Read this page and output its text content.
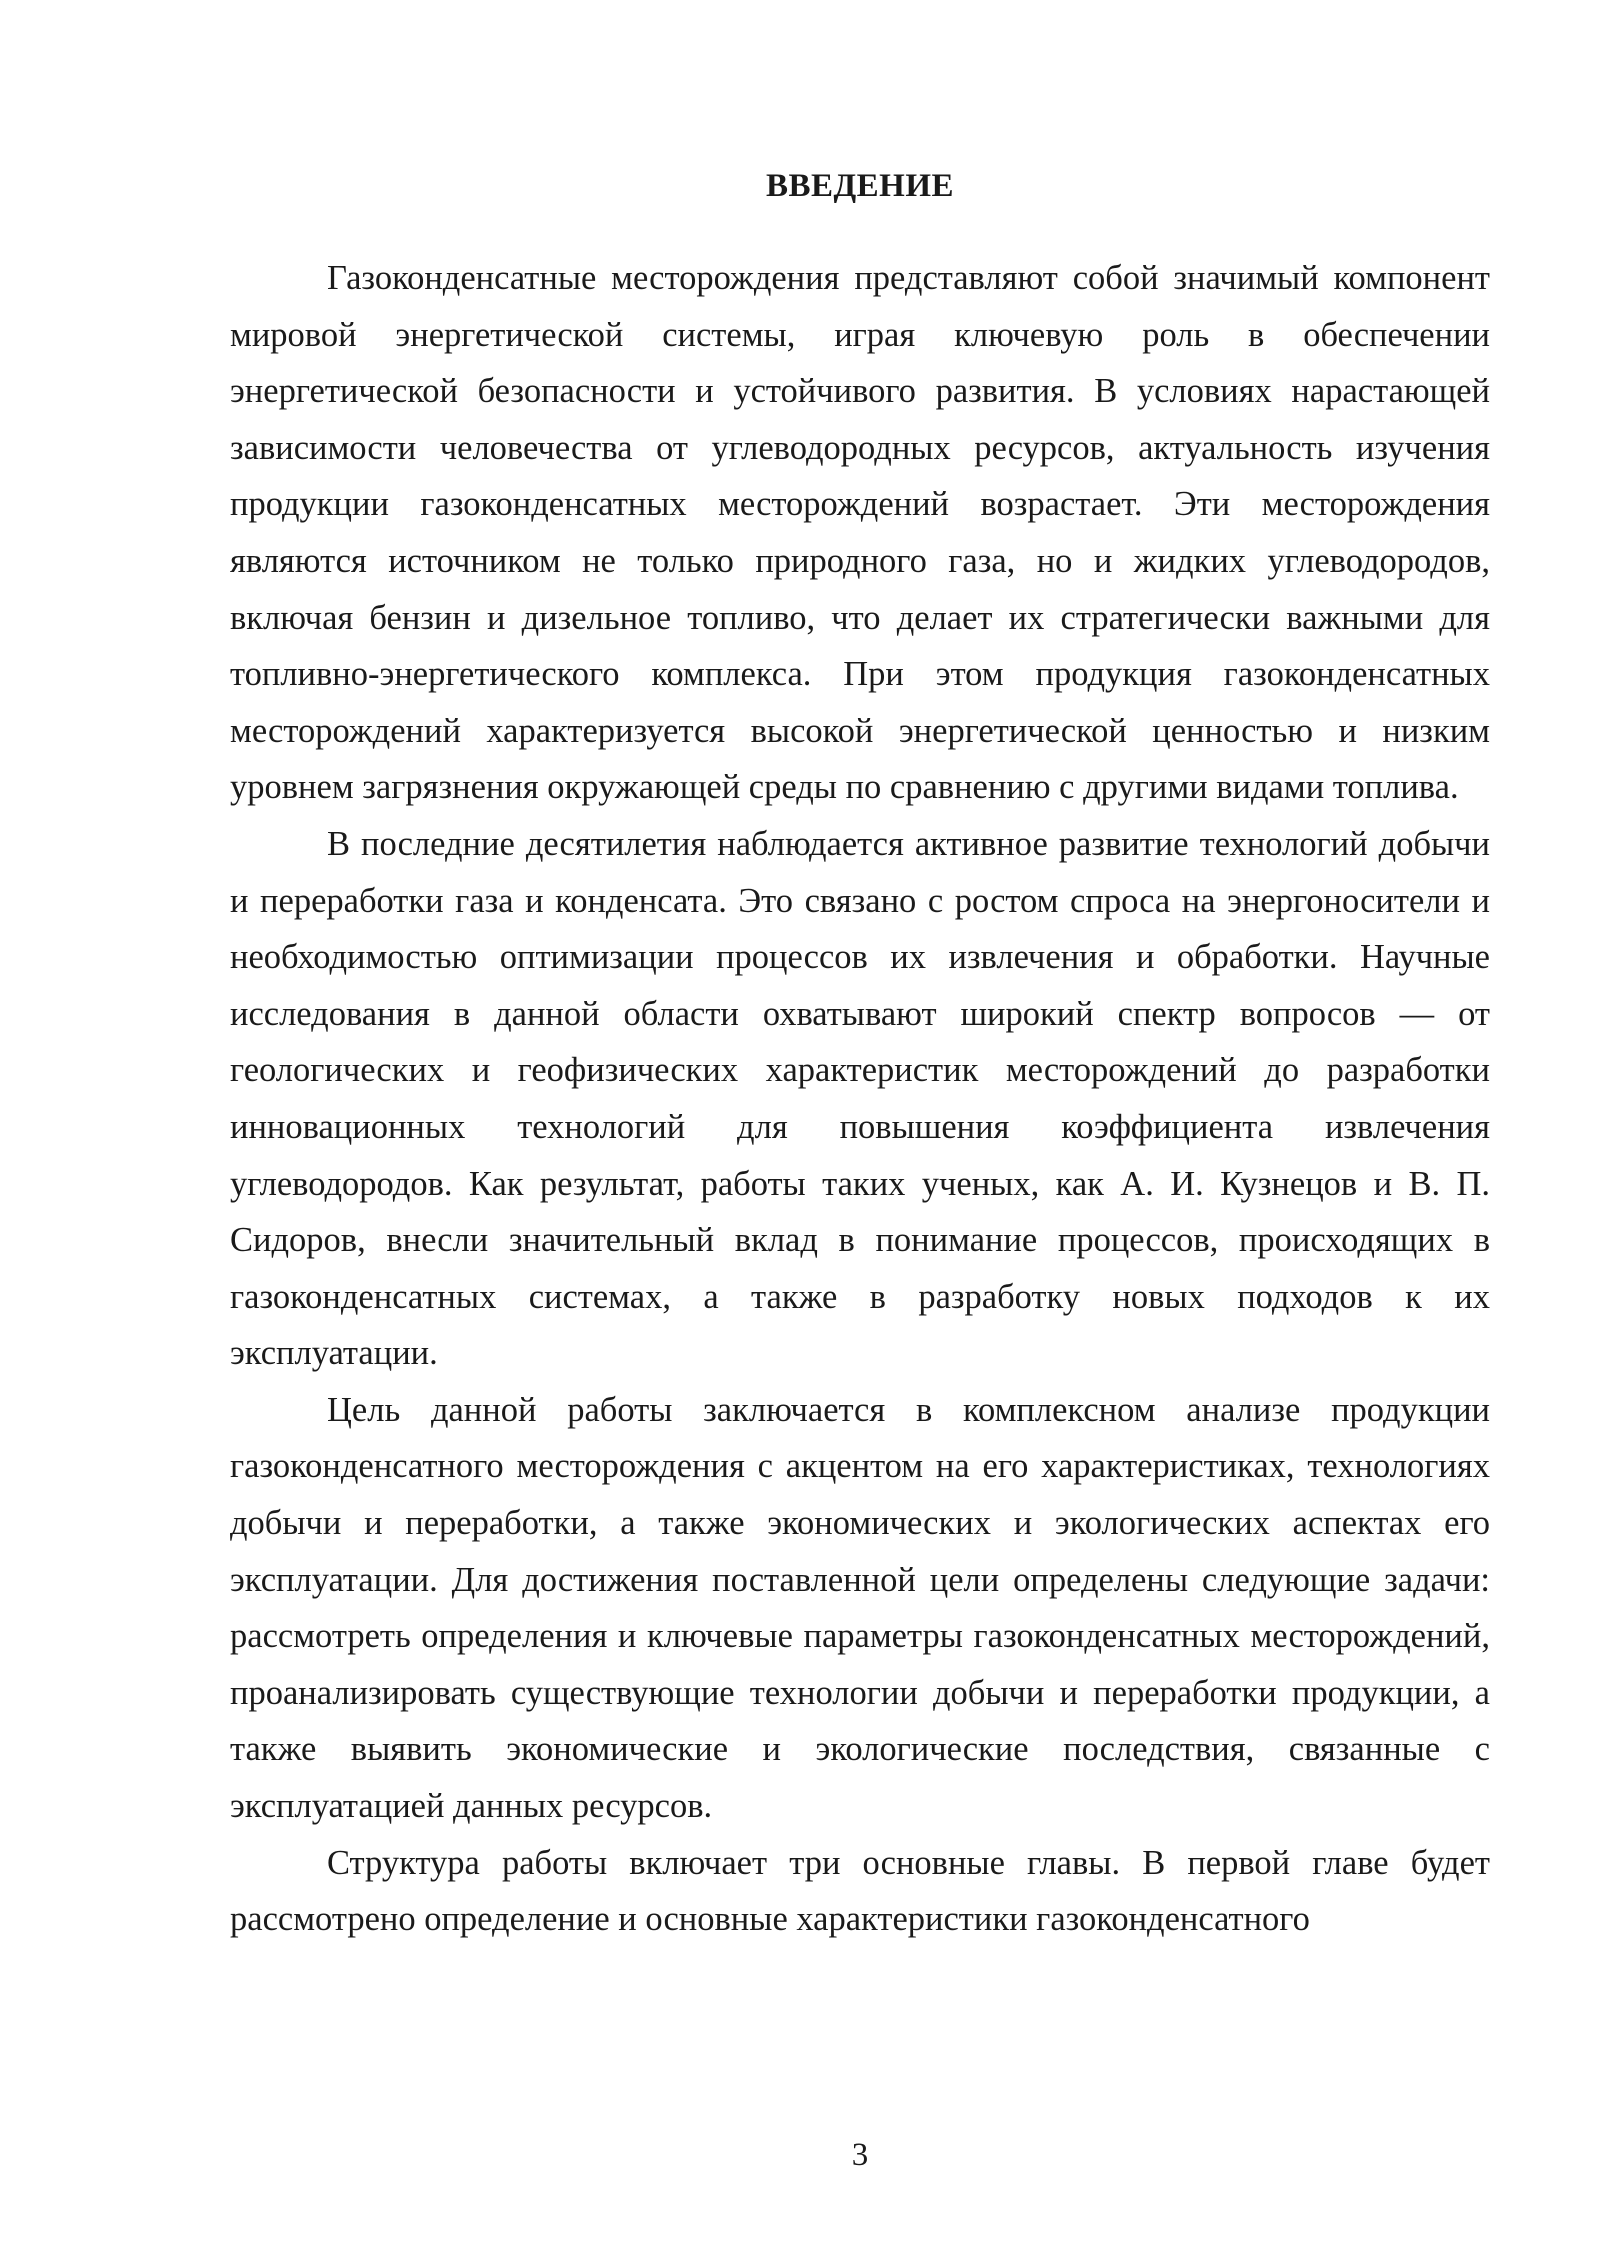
ВВЕДЕНИЕ

Газоконденсатные месторождения представляют собой значимый компонент мировой энергетической системы, играя ключевую роль в обеспечении энергетической безопасности и устойчивого развития. В условиях нарастающей зависимости человечества от углеводородных ресурсов, актуальность изучения продукции газоконденсатных месторождений возрастает. Эти месторождения являются источником не только природного газа, но и жидких углеводородов, включая бензин и дизельное топливо, что делает их стратегически важными для топливно-энергетического комплекса. При этом продукция газоконденсатных месторождений характеризуется высокой энергетической ценностью и низким уровнем загрязнения окружающей среды по сравнению с другими видами топлива.

В последние десятилетия наблюдается активное развитие технологий добычи и переработки газа и конденсата. Это связано с ростом спроса на энергоносители и необходимостью оптимизации процессов их извлечения и обработки. Научные исследования в данной области охватывают широкий спектр вопросов — от геологических и геофизических характеристик месторождений до разработки инновационных технологий для повышения коэффициента извлечения углеводородов. Как результат, работы таких ученых, как А. И. Кузнецов и В. П. Сидоров, внесли значительный вклад в понимание процессов, происходящих в газоконденсатных системах, а также в разработку новых подходов к их эксплуатации.

Цель данной работы заключается в комплексном анализе продукции газоконденсатного месторождения с акцентом на его характеристиках, технологиях добычи и переработки, а также экономических и экологических аспектах его эксплуатации. Для достижения поставленной цели определены следующие задачи: рассмотреть определения и ключевые параметры газоконденсатных месторождений, проанализировать существующие технологии добычи и переработки продукции, а также выявить экономические и экологические последствия, связанные с эксплуатацией данных ресурсов.

Структура работы включает три основные главы. В первой главе будет рассмотрено определение и основные характеристики газоконденсатного

3
